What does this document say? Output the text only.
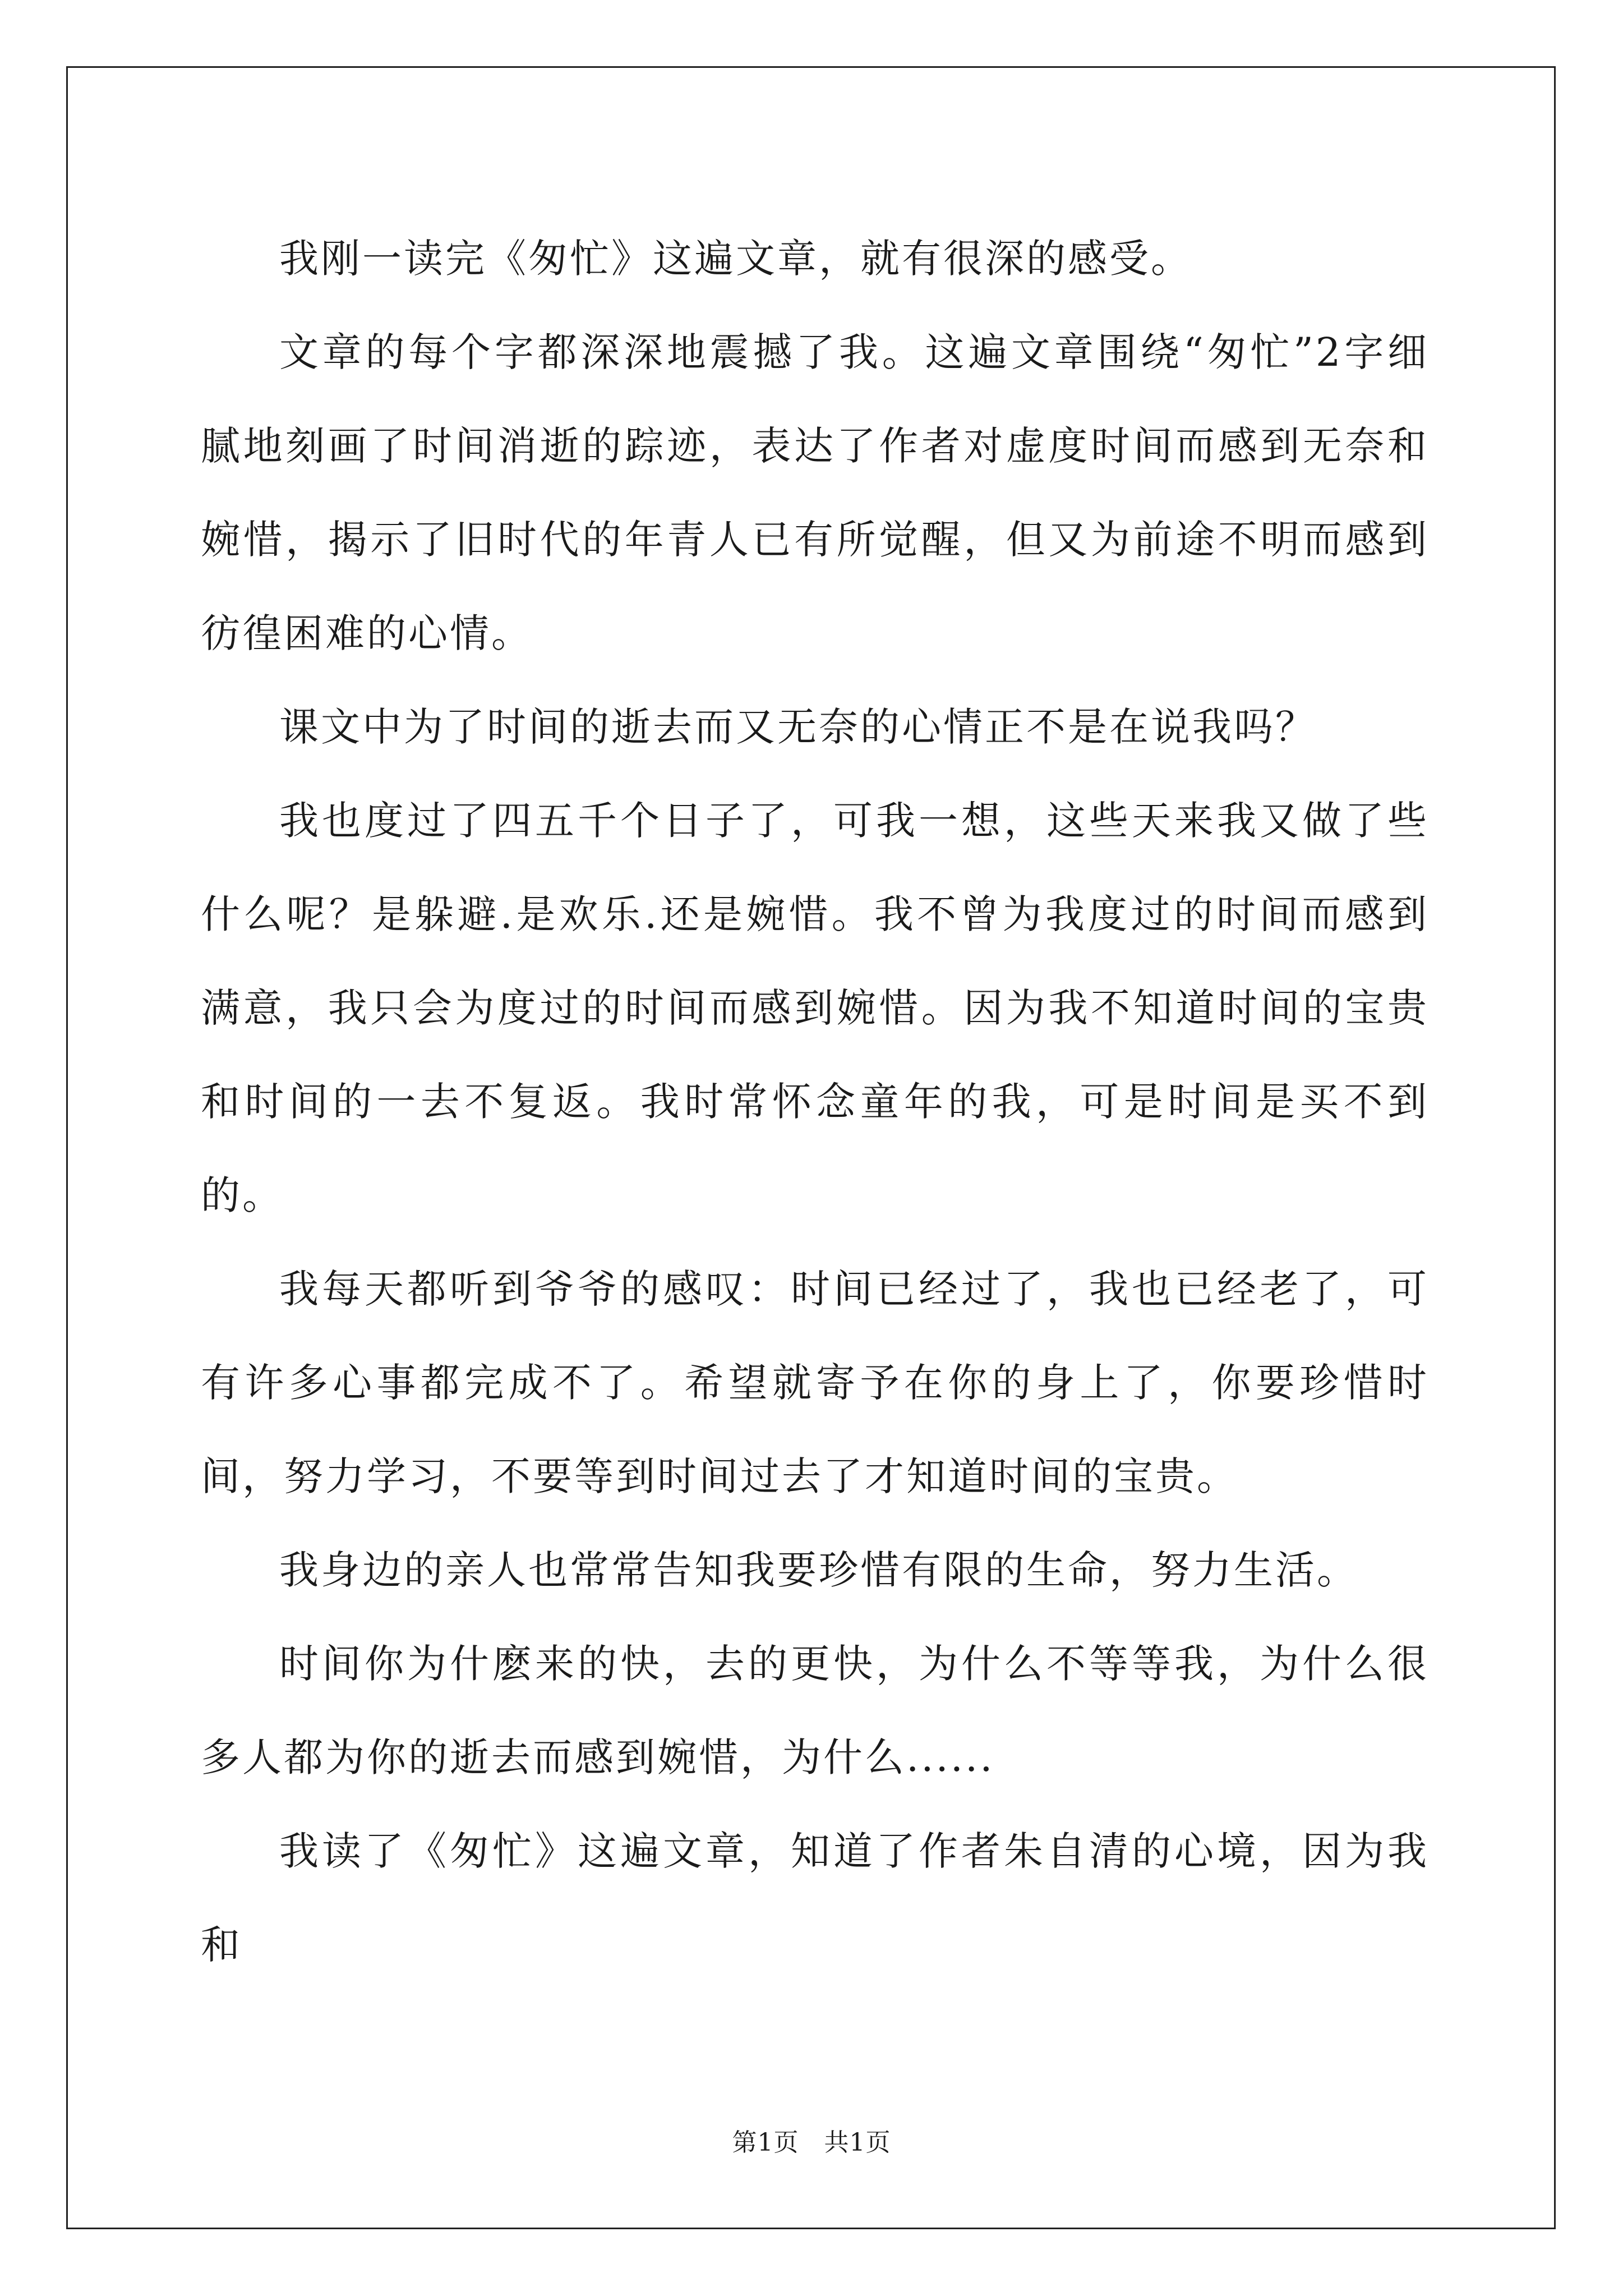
我刚一读完《匆忙》这遍文章，就有很深的感受。

文章的每个字都深深地震撼了我。这遍文章围绕“匆忙”2字细腻地刻画了时间消逝的踪迹，表达了作者对虚度时间而感到无奈和婉惜，揭示了旧时代的年青人已有所觉醒，但又为前途不明而感到彷徨困难的心情。

课文中为了时间的逝去而又无奈的心情正不是在说我吗？

我也度过了四五千个日子了，可我一想，这些天来我又做了些什么呢？是躲避.是欢乐.还是婉惜。我不曾为我度过的时间而感到满意，我只会为度过的时间而感到婉惜。因为我不知道时间的宝贵和时间的一去不复返。我时常怀念童年的我，可是时间是买不到的。

我每天都听到爷爷的感叹：时间已经过了，我也已经老了，可有许多心事都完成不了。希望就寄予在你的身上了，你要珍惜时间，努力学习，不要等到时间过去了才知道时间的宝贵。

我身边的亲人也常常告知我要珍惜有限的生命，努力生活。

时间你为什麽来的快，去的更快，为什么不等等我，为什么很多人都为你的逝去而感到婉惜，为什么......

我读了《匆忙》这遍文章，知道了作者朱自清的心境，因为我和

第1页　共1页
